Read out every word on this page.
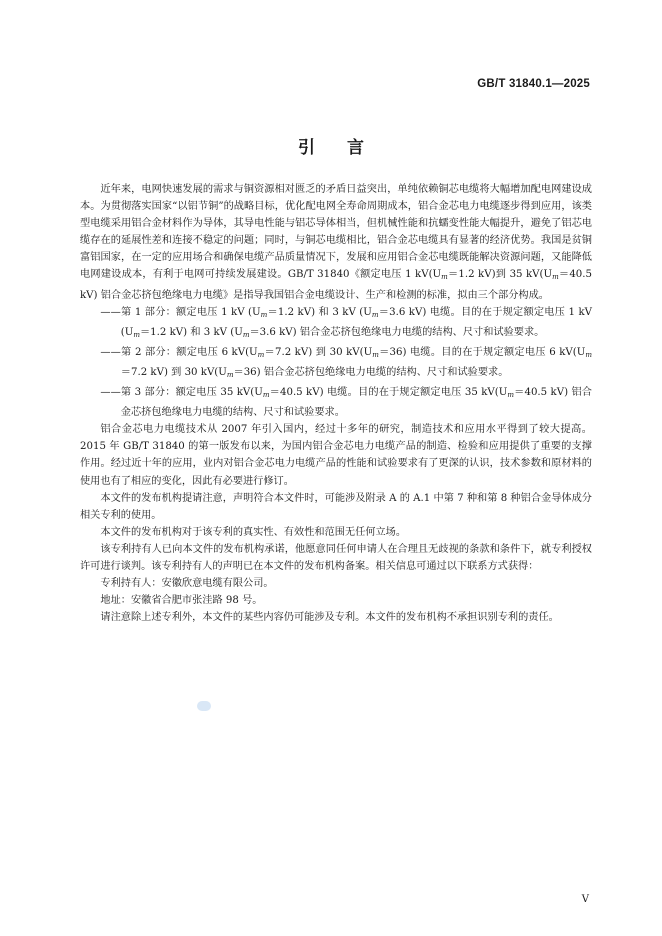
GB/T 31840.1—2025
引言

近年来，电网快速发展的需求与铜资源相对匮乏的矛盾日益突出，单纯依赖铜芯电缆将大幅增加配电网建设成本。为贯彻落实国家“以铝节铜”的战略目标，优化配电网全寿命周期成本，铝合金芯电力电缆逐步得到应用，该类型电缆采用铝合金材料作为导体，其导电性能与铝芯导体相当，但机械性能和抗蠕变性能大幅提升，避免了铝芯电缆存在的延展性差和连接不稳定的问题；同时，与铜芯电缆相比，铝合金芯电缆具有显著的经济优势。我国是贫铜富铝国家，在一定的应用场合和确保电缆产品质量情况下，发展和应用铝合金芯电缆既能解决资源问题，又能降低电网建设成本，有利于电网可持续发展建设。GB/T 31840《额定电压 1 $kV(U_m=1.2$ kV)到 35 $kV(U_m=40.5$ kV) 铝合金芯挤包绝缘电力电缆》是指导我国铝合金电缆设计、生产和检测的标准，拟由三个部分构成。

——第 1 部分：额定电压 1 kV ($U_m=1.2$ kV) 和 3 kV ($U_m=3.6$ kV) 电缆。目的在于规定额定电压 1 kV ($U_m=1.2$ kV) 和 3 kV ($U_m=3.6$ kV) 铝合金芯挤包绝缘电力电缆的结构、尺寸和试验要求。

——第 2 部分：额定电压 6 $kV(U_m=7.2$ kV) 到 30 $kV(U_m=36)$ 电缆。目的在于规定额定电压 6 $kV(U_m=7.2$ kV) 到 30 $kV(U_m=36)$ 铝合金芯挤包绝缘电力电缆的结构、尺寸和试验要求。

——第 3 部分：额定电压 35 $kV(U_m=40.5$ kV) 电缆。目的在于规定额定电压 35 $kV(U_m=40.5$ kV) 铝合金芯挤包绝缘电力电缆的结构、尺寸和试验要求。

铝合金芯电力电缆技术从 2007 年引入国内，经过十多年的研究，制造技术和应用水平得到了较大提高。2015 年 GB/T 31840 的第一版发布以来，为国内铝合金芯电力电缆产品的制造、检验和应用提供了重要的支撑作用。经过近十年的应用，业内对铝合金芯电力电缆产品的性能和试验要求有了更深的认识，技术参数和原材料的使用也有了相应的变化，因此有必要进行修订。

本文件的发布机构提请注意，声明符合本文件时，可能涉及附录 A 的 A.1 中第 7 种和第 8 种铝合金导体成分相关专利的使用。

本文件的发布机构对于该专利的真实性、有效性和范围无任何立场。

该专利持有人已向本文件的发布机构承诺，他愿意同任何申请人在合理且无歧视的条款和条件下，就专利授权许可进行谈判。该专利持有人的声明已在本文件的发布机构备案。相关信息可通过以下联系方式获得：

专利持有人：安徽欣意电缆有限公司。

地址：安徽省合肥市张洼路 98 号。

请注意除上述专利外，本文件的某些内容仍可能涉及专利。本文件的发布机构不承担识别专利的责任。

V
